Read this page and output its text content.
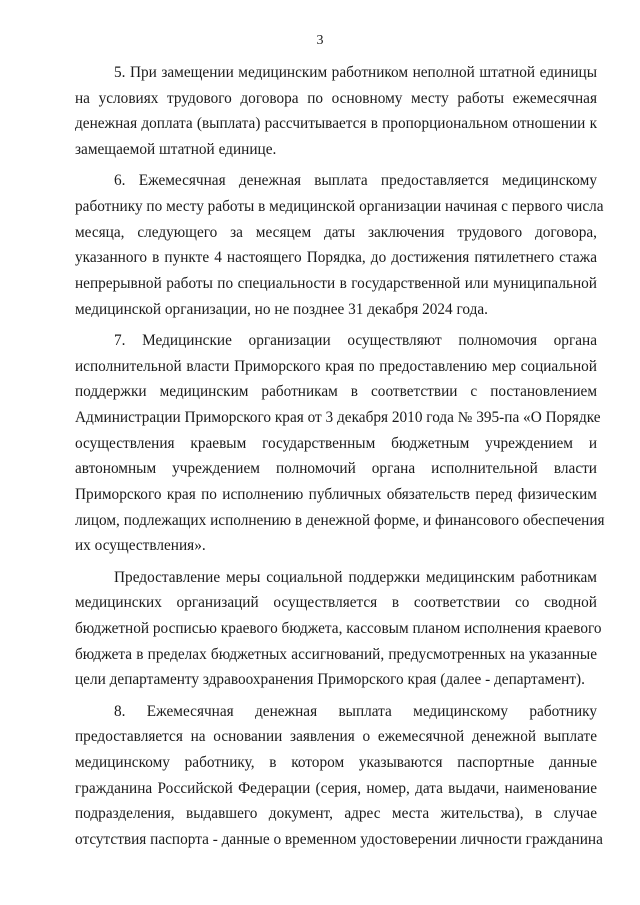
3
5. При замещении медицинским работником неполной штатной единицы
на условиях трудового договора по основному месту работы ежемесячная
денежная доплата (выплата) рассчитывается в пропорциональном отношении к
замещаемой штатной единице.
6. Ежемесячная денежная выплата предоставляется медицинскому
работнику по месту работы в медицинской организации начиная с первого числа
месяца, следующего за месяцем даты заключения трудового договора,
указанного в пункте 4 настоящего Порядка, до достижения пятилетнего стажа
непрерывной работы по специальности в государственной или муниципальной
медицинской организации, но не позднее 31 декабря 2024 года.
7. Медицинские организации осуществляют полномочия органа
исполнительной власти Приморского края по предоставлению мер социальной
поддержки медицинским работникам в соответствии с постановлением
Администрации Приморского края от 3 декабря 2010 года № 395-па «О Порядке
осуществления краевым государственным бюджетным учреждением и
автономным учреждением полномочий органа исполнительной власти
Приморского края по исполнению публичных обязательств перед физическим
лицом, подлежащих исполнению в денежной форме, и финансового обеспечения
их осуществления».
Предоставление меры социальной поддержки медицинским работникам
медицинских организаций осуществляется в соответствии со сводной
бюджетной росписью краевого бюджета, кассовым планом исполнения краевого
бюджета в пределах бюджетных ассигнований, предусмотренных на указанные
цели департаменту здравоохранения Приморского края (далее - департамент).
8. Ежемесячная денежная выплата медицинскому работнику
предоставляется на основании заявления о ежемесячной денежной выплате
медицинскому работнику, в котором указываются паспортные данные
гражданина Российской Федерации (серия, номер, дата выдачи, наименование
подразделения, выдавшего документ, адрес места жительства), в случае
отсутствия паспорта - данные о временном удостоверении личности гражданина
